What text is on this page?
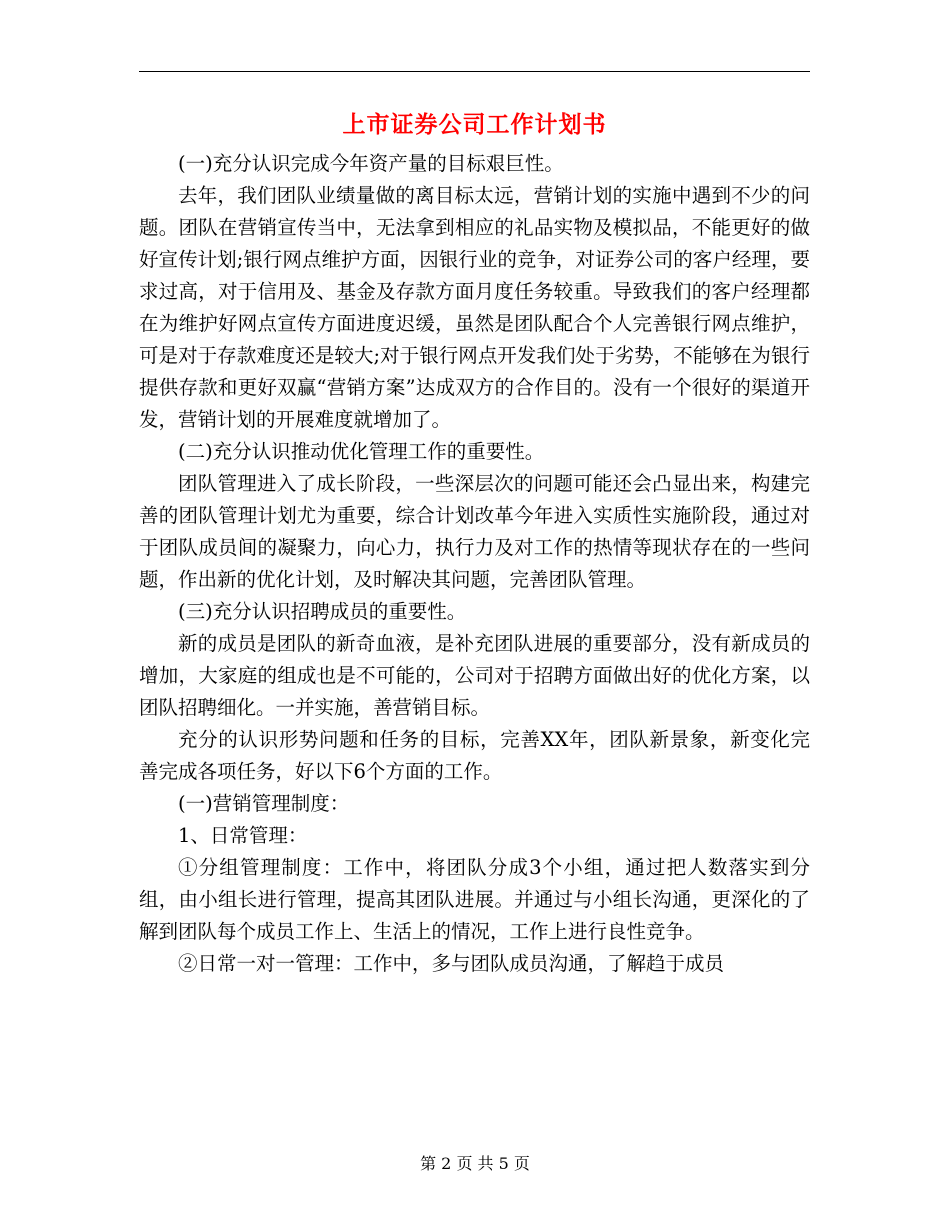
上市证券公司工作计划书

(一)充分认识完成今年资产量的目标艰巨性。

去年，我们团队业绩量做的离目标太远，营销计划的实施中遇到不少的问题。团队在营销宣传当中，无法拿到相应的礼品实物及模拟品，不能更好的做好宣传计划;银行网点维护方面，因银行业的竞争，对证券公司的客户经理，要求过高，对于信用及、基金及存款方面月度任务较重。导致我们的客户经理都在为维护好网点宣传方面进度迟缓，虽然是团队配合个人完善银行网点维护，可是对于存款难度还是较大;对于银行网点开发我们处于劣势，不能够在为银行提供存款和更好双赢“营销方案”达成双方的合作目的。没有一个很好的渠道开发，营销计划的开展难度就增加了。

(二)充分认识推动优化管理工作的重要性。

团队管理进入了成长阶段，一些深层次的问题可能还会凸显出来，构建完善的团队管理计划尤为重要，综合计划改革今年进入实质性实施阶段，通过对于团队成员间的凝聚力，向心力，执行力及对工作的热情等现状存在的一些问题，作出新的优化计划，及时解决其问题，完善团队管理。

(三)充分认识招聘成员的重要性。

新的成员是团队的新奇血液，是补充团队进展的重要部分，没有新成员的增加，大家庭的组成也是不可能的，公司对于招聘方面做出好的优化方案，以团队招聘细化。一并实施，善营销目标。

充分的认识形势问题和任务的目标，完善XX年，团队新景象，新变化完善完成各项任务，好以下6个方面的工作。

(一)营销管理制度：

1、日常管理：

①分组管理制度：工作中，将团队分成3个小组，通过把人数落实到分组，由小组长进行管理，提高其团队进展。并通过与小组长沟通，更深化的了解到团队每个成员工作上、生活上的情况，工作上进行良性竞争。

②日常一对一管理：工作中，多与团队成员沟通，了解趋于成员

第 2 页 共 5 页
